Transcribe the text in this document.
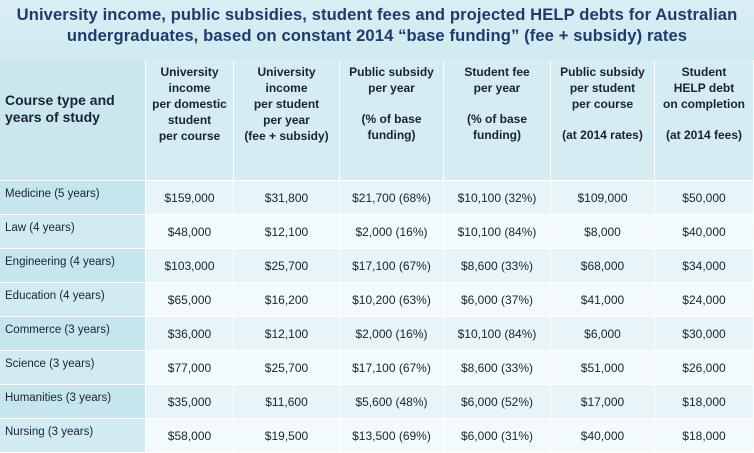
University income, public subsidies, student fees and projected HELP debts for Australian
undergraduates, based on constant 2014 “base funding” (fee + subsidy) rates
Course type and
years of study	University
income
per domestic
student
per course	University
income
per student
per year
(fee + subsidy)	Public subsidy
per year
(% of base
funding)	Student fee
per year
(% of base
funding)	Public subsidy
per student
per course
(at 2014 rates)	Student
HELP debt
on completion
(at 2014 fees)

Medicine (5 years)	$159,000	$31,800	$21,700 (68%)	$10,100 (32%)	$109,000	$50,000
Law (4 years)	$48,000	$12,100	$2,000 (16%)	$10,100 (84%)	$8,000	$40,000
Engineering (4 years)	$103,000	$25,700	$17,100 (67%)	$8,600 (33%)	$68,000	$34,000
Education (4 years)	$65,000	$16,200	$10,200 (63%)	$6,000 (37%)	$41,000	$24,000
Commerce (3 years)	$36,000	$12,100	$2,000 (16%)	$10,100 (84%)	$6,000	$30,000
Science (3 years)	$77,000	$25,700	$17,100 (67%)	$8,600 (33%)	$51,000	$26,000
Humanities (3 years)	$35,000	$11,600	$5,600 (48%)	$6,000 (52%)	$17,000	$18,000
Nursing (3 years)	$58,000	$19,500	$13,500 (69%)	$6,000 (31%)	$40,000	$18,000
